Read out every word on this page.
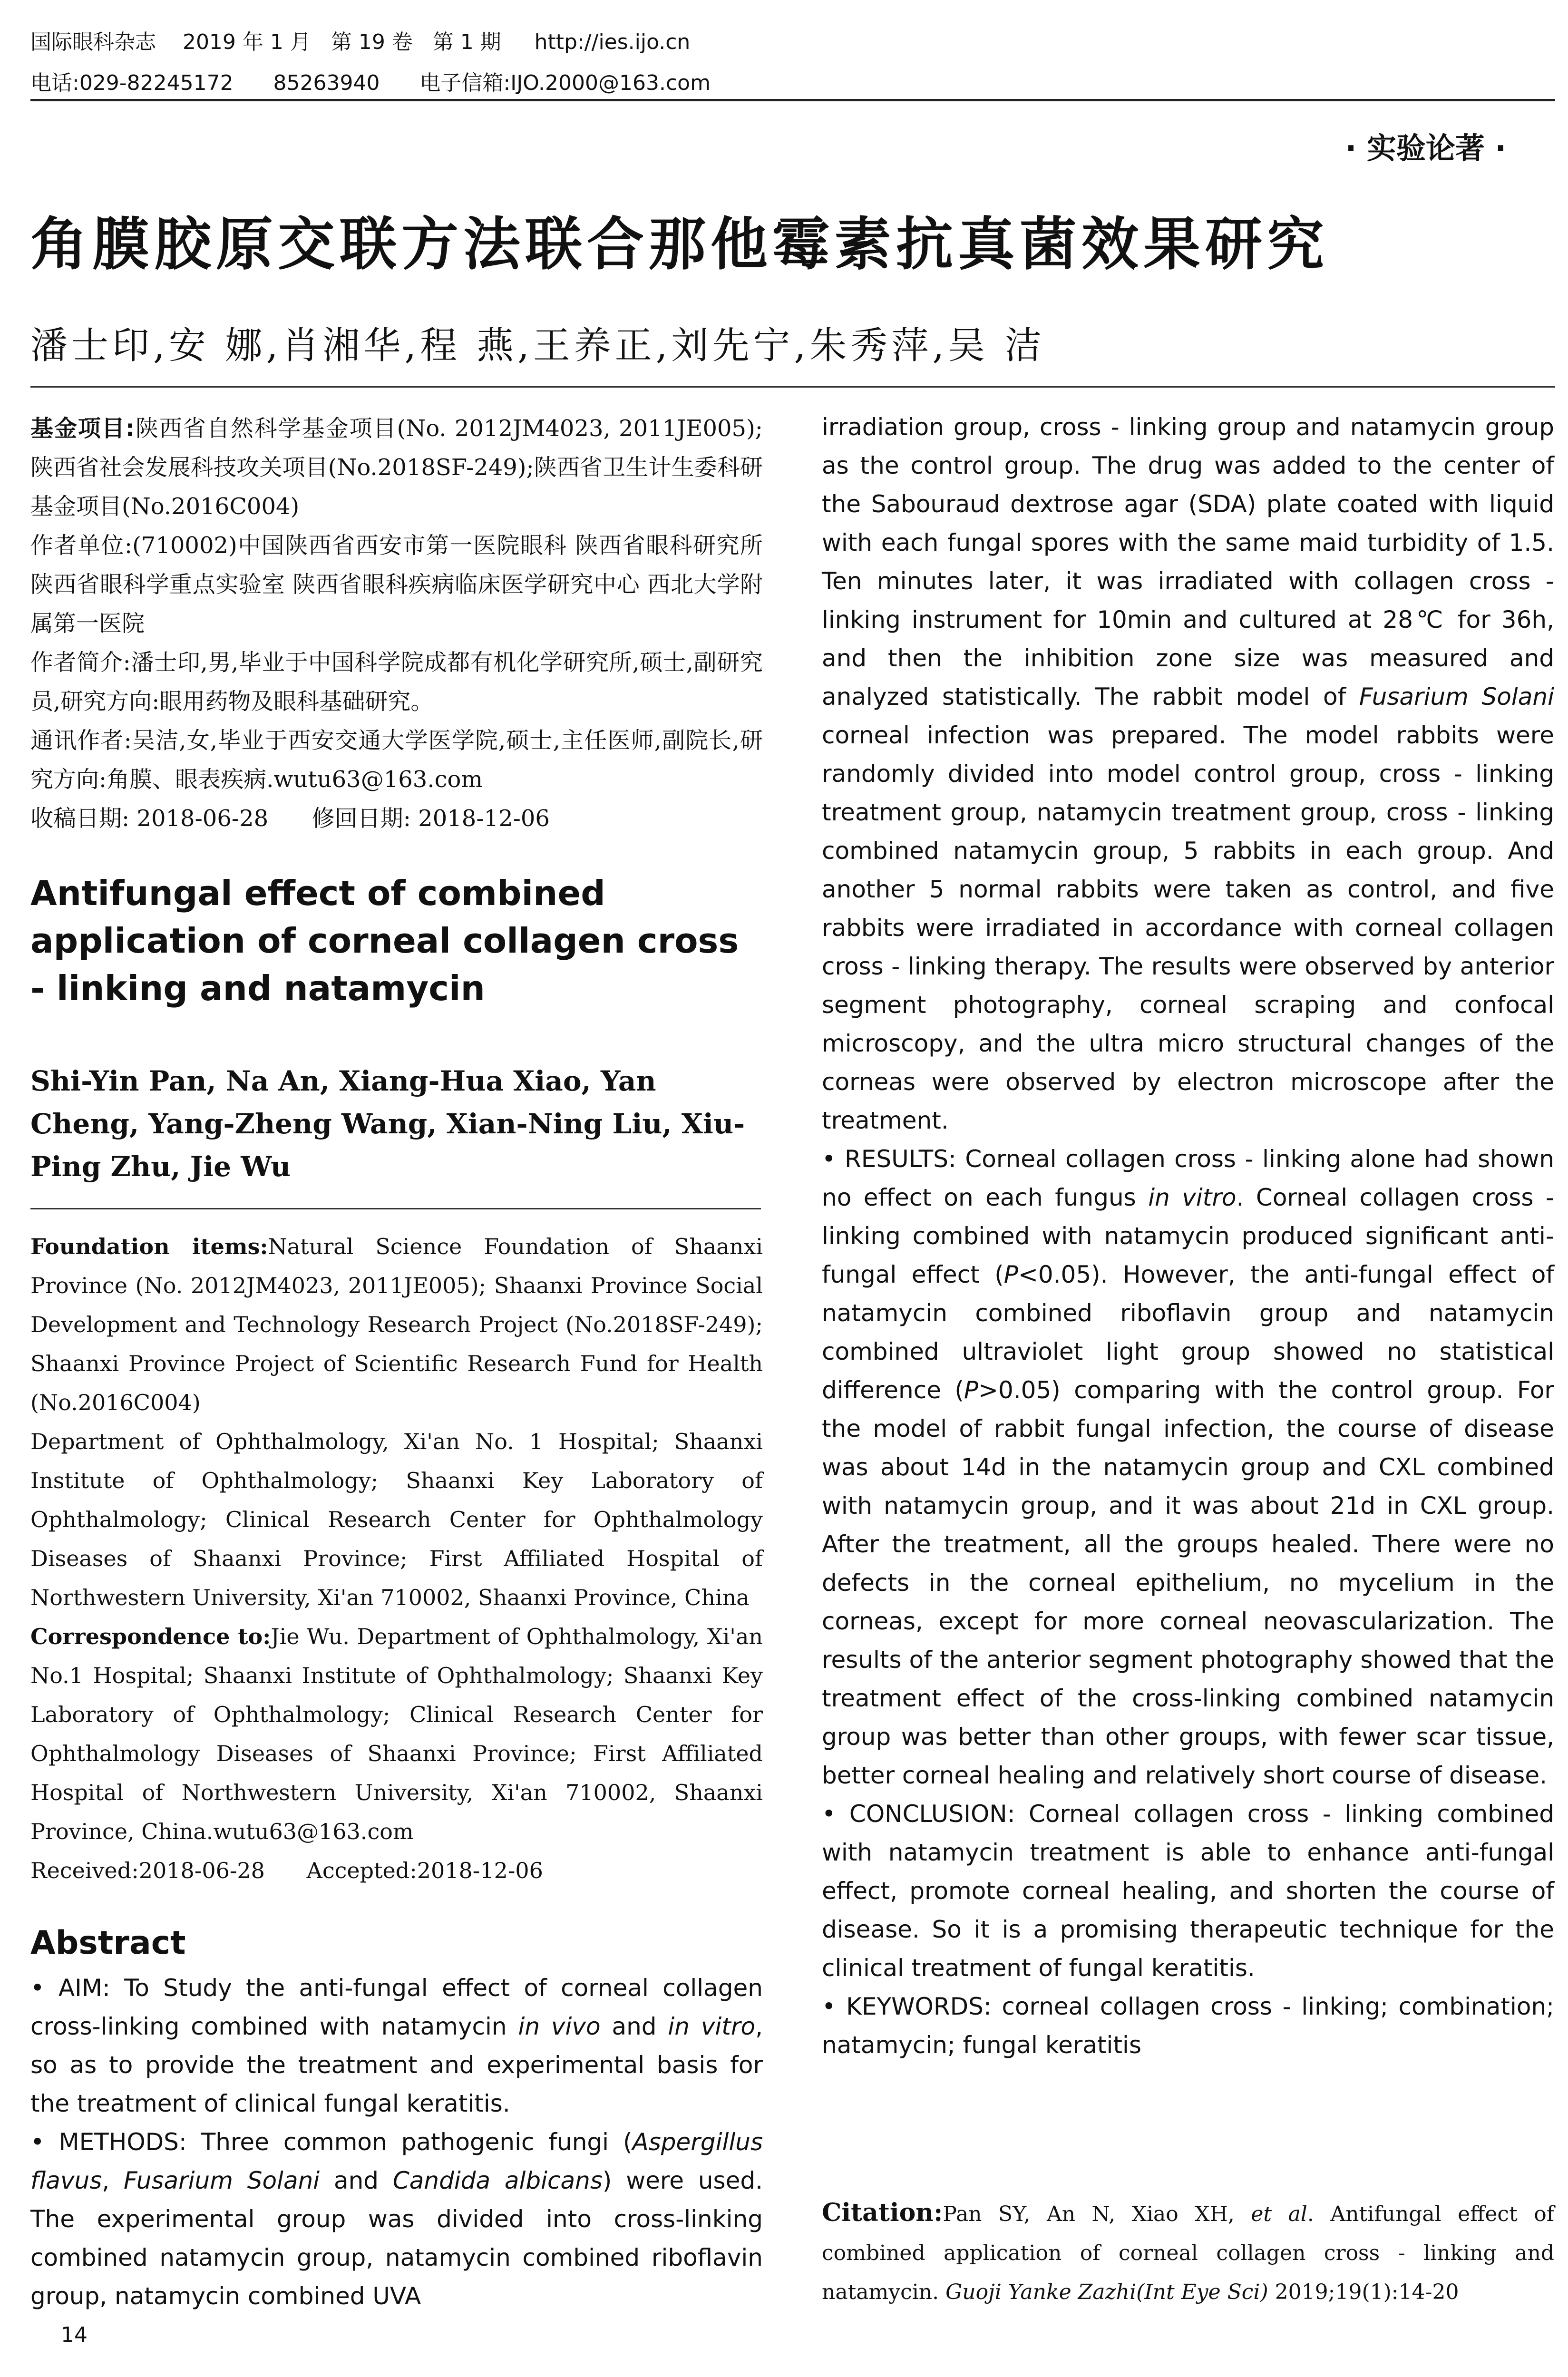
国际眼科杂志    2019 年 1 月   第 19 卷   第 1 期     http://ies.ijo.cn
电话:029-82245172      85263940      电子信箱:IJO.2000@163.com
· 实验论著 ·
角膜胶原交联方法联合那他霉素抗真菌效果研究
潘士印,安 娜,肖湘华,程 燕,王养正,刘先宁,朱秀萍,吴 洁

基金项目:陕西省自然科学基金项目(No. 2012JM4023, 2011JE005);陕西省社会发展科技攻关项目(No.2018SF-249);陕西省卫生计生委科研基金项目(No.2016C004)

作者单位:(710002)中国陕西省西安市第一医院眼科 陕西省眼科研究所 陕西省眼科学重点实验室 陕西省眼科疾病临床医学研究中心 西北大学附属第一医院

作者简介:潘士印,男,毕业于中国科学院成都有机化学研究所,硕士,副研究员,研究方向:眼用药物及眼科基础研究。

通讯作者:吴洁,女,毕业于西安交通大学医学院,硕士,主任医师,副院长,研究方向:角膜、眼表疾病.wutu63@163.com

收稿日期: 2018-06-28      修回日期: 2018-12-06

Antifungal effect of combined application of corneal collagen cross - linking and natamycin
Shi-Yin Pan, Na An, Xiang-Hua Xiao, Yan Cheng, Yang-Zheng Wang, Xian-Ning Liu, Xiu-Ping Zhu, Jie Wu

Foundation items:Natural Science Foundation of Shaanxi Province (No. 2012JM4023, 2011JE005); Shaanxi Province Social Development and Technology Research Project (No.2018SF-249); Shaanxi Province Project of Scientific Research Fund for Health (No.2016C004)

Department of Ophthalmology, Xi'an No. 1 Hospital; Shaanxi Institute of Ophthalmology; Shaanxi Key Laboratory of Ophthalmology; Clinical Research Center for Ophthalmology Diseases of Shaanxi Province; First Affiliated Hospital of Northwestern University, Xi'an 710002, Shaanxi Province, China

Correspondence to:Jie Wu. Department of Ophthalmology, Xi'an No.1 Hospital; Shaanxi Institute of Ophthalmology; Shaanxi Key Laboratory of Ophthalmology; Clinical Research Center for Ophthalmology Diseases of Shaanxi Province; First Affiliated Hospital of Northwestern University, Xi'an 710002, Shaanxi Province, China.wutu63@163.com

Received:2018-06-28      Accepted:2018-12-06

Abstract

• AIM: To Study the anti-fungal effect of corneal collagen cross-linking combined with natamycin in vivo and in vitro, so as to provide the treatment and experimental basis for the treatment of clinical fungal keratitis.

• METHODS: Three common pathogenic fungi (Aspergillus flavus, Fusarium Solani and Candida albicans) were used. The experimental group was divided into cross-linking combined natamycin group, natamycin combined riboflavin group, natamycin combined UVA

irradiation group, cross - linking group and natamycin group as the control group. The drug was added to the center of the Sabouraud dextrose agar (SDA) plate coated with liquid with each fungal spores with the same maid turbidity of 1.5. Ten minutes later, it was irradiated with collagen cross - linking instrument for 10min and cultured at 28℃ for 36h, and then the inhibition zone size was measured and analyzed statistically. The rabbit model of Fusarium Solani corneal infection was prepared. The model rabbits were randomly divided into model control group, cross - linking treatment group, natamycin treatment group, cross - linking combined natamycin group, 5 rabbits in each group. And another 5 normal rabbits were taken as control, and five rabbits were irradiated in accordance with corneal collagen cross - linking therapy. The results were observed by anterior segment photography, corneal scraping and confocal microscopy, and the ultra micro structural changes of the corneas were observed by electron microscope after the treatment.

• RESULTS: Corneal collagen cross - linking alone had shown no effect on each fungus in vitro. Corneal collagen cross - linking combined with natamycin produced significant anti-fungal effect (P<0.05). However, the anti-fungal effect of natamycin combined riboflavin group and natamycin combined ultraviolet light group showed no statistical difference (P>0.05) comparing with the control group. For the model of rabbit fungal infection, the course of disease was about 14d in the natamycin group and CXL combined with natamycin group, and it was about 21d in CXL group. After the treatment, all the groups healed. There were no defects in the corneal epithelium, no mycelium in the corneas, except for more corneal neovascularization. The results of the anterior segment photography showed that the treatment effect of the cross-linking combined natamycin group was better than other groups, with fewer scar tissue, better corneal healing and relatively short course of disease.

• CONCLUSION: Corneal collagen cross - linking combined with natamycin treatment is able to enhance anti-fungal effect, promote corneal healing, and shorten the course of disease. So it is a promising therapeutic technique for the clinical treatment of fungal keratitis.

• KEYWORDS: corneal collagen cross - linking; combination; natamycin; fungal keratitis

Citation:Pan SY, An N, Xiao XH, et al. Antifungal effect of combined application of corneal collagen cross - linking and natamycin. Guoji Yanke Zazhi(Int Eye Sci) 2019;19(1):14-20
14
